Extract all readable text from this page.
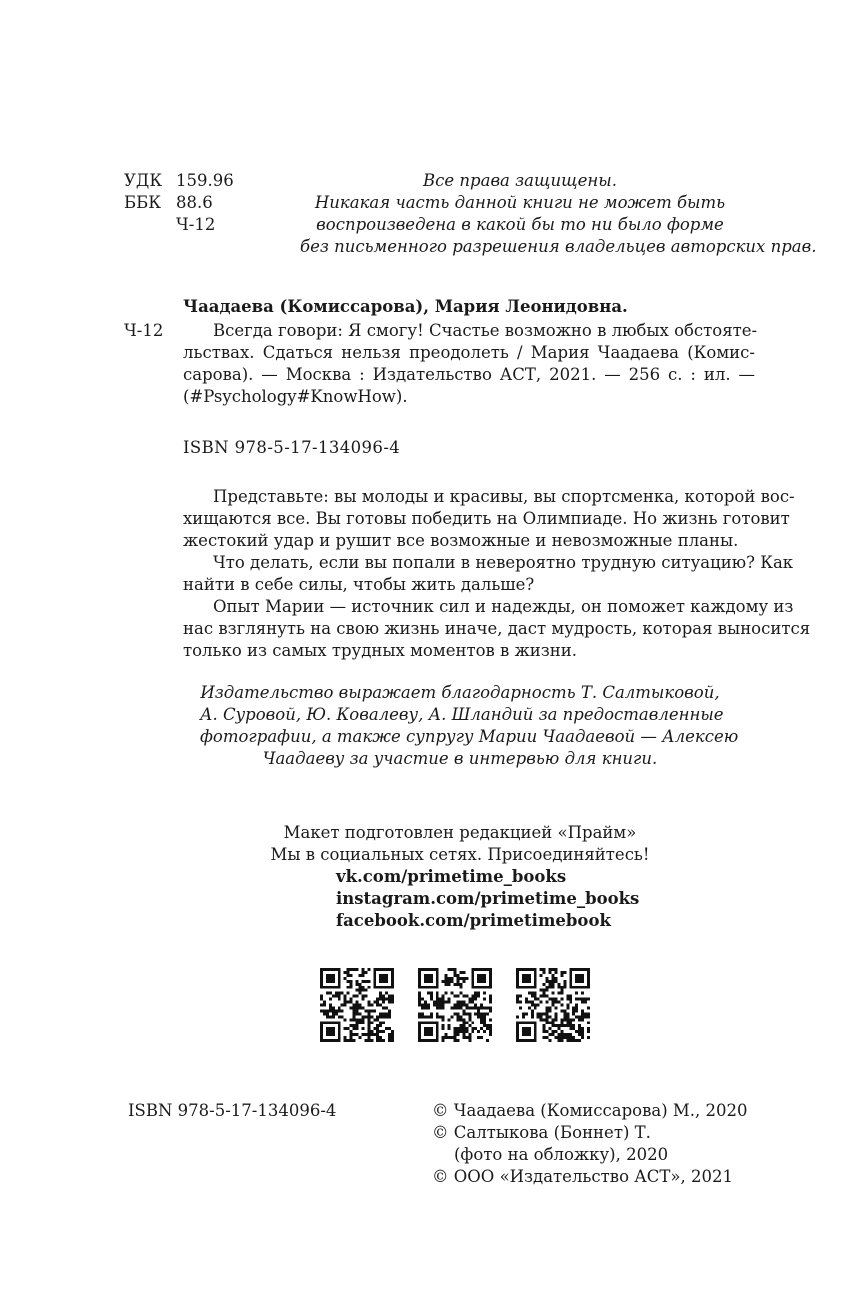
УДК 159.96
ББК 88.6
Ч-12
Все права защищены.
Никакая часть данной книги не может быть
воспроизведена в какой бы то ни было форме
без письменного разрешения владельцев авторских прав.
Чаадаева (Комиссарова), Мария Леонидовна.
Ч-12	Всегда говори: Я смогу! Счастье возможно в любых обстояте-
льствах. Сдаться нельзя преодолеть / Мария Чаадаева (Комис-
сарова). — Москва : Издательство АСТ, 2021. — 256 с. : ил. —
(#Psychology#KnowHow).
ISBN 978-5-17-134096-4
Представьте: вы молоды и красивы, вы спортсменка, которой вос-
хищаются все. Вы готовы победить на Олимпиаде. Но жизнь готовит
жестокий удар и рушит все возможные и невозможные планы.
Что делать, если вы попали в невероятно трудную ситуацию? Как
найти в себе силы, чтобы жить дальше?
Опыт Марии — источник сил и надежды, он поможет каждому из
нас взглянуть на свою жизнь иначе, даст мудрость, которая выносится
только из самых трудных моментов в жизни.
Издательство выражает благодарность Т. Салтыковой,
А. Суровой, Ю. Ковалеву, А. Шландий за предоставленные
фотографии, а также супругу Марии Чаадаевой — Алексею
Чаадаеву за участие в интервью для книги.
Макет подготовлен редакцией «Прайм»
Мы в социальных сетях. Присоединяйтесь!
vk.com/primetime_books
instagram.com/primetime_books
facebook.com/primetimebook
ISBN 978-5-17-134096-4	© Чаадаева (Комиссарова) М., 2020
© Салтыкова (Боннет) Т.
(фото на обложку), 2020
© ООО «Издательство АСТ», 2021
